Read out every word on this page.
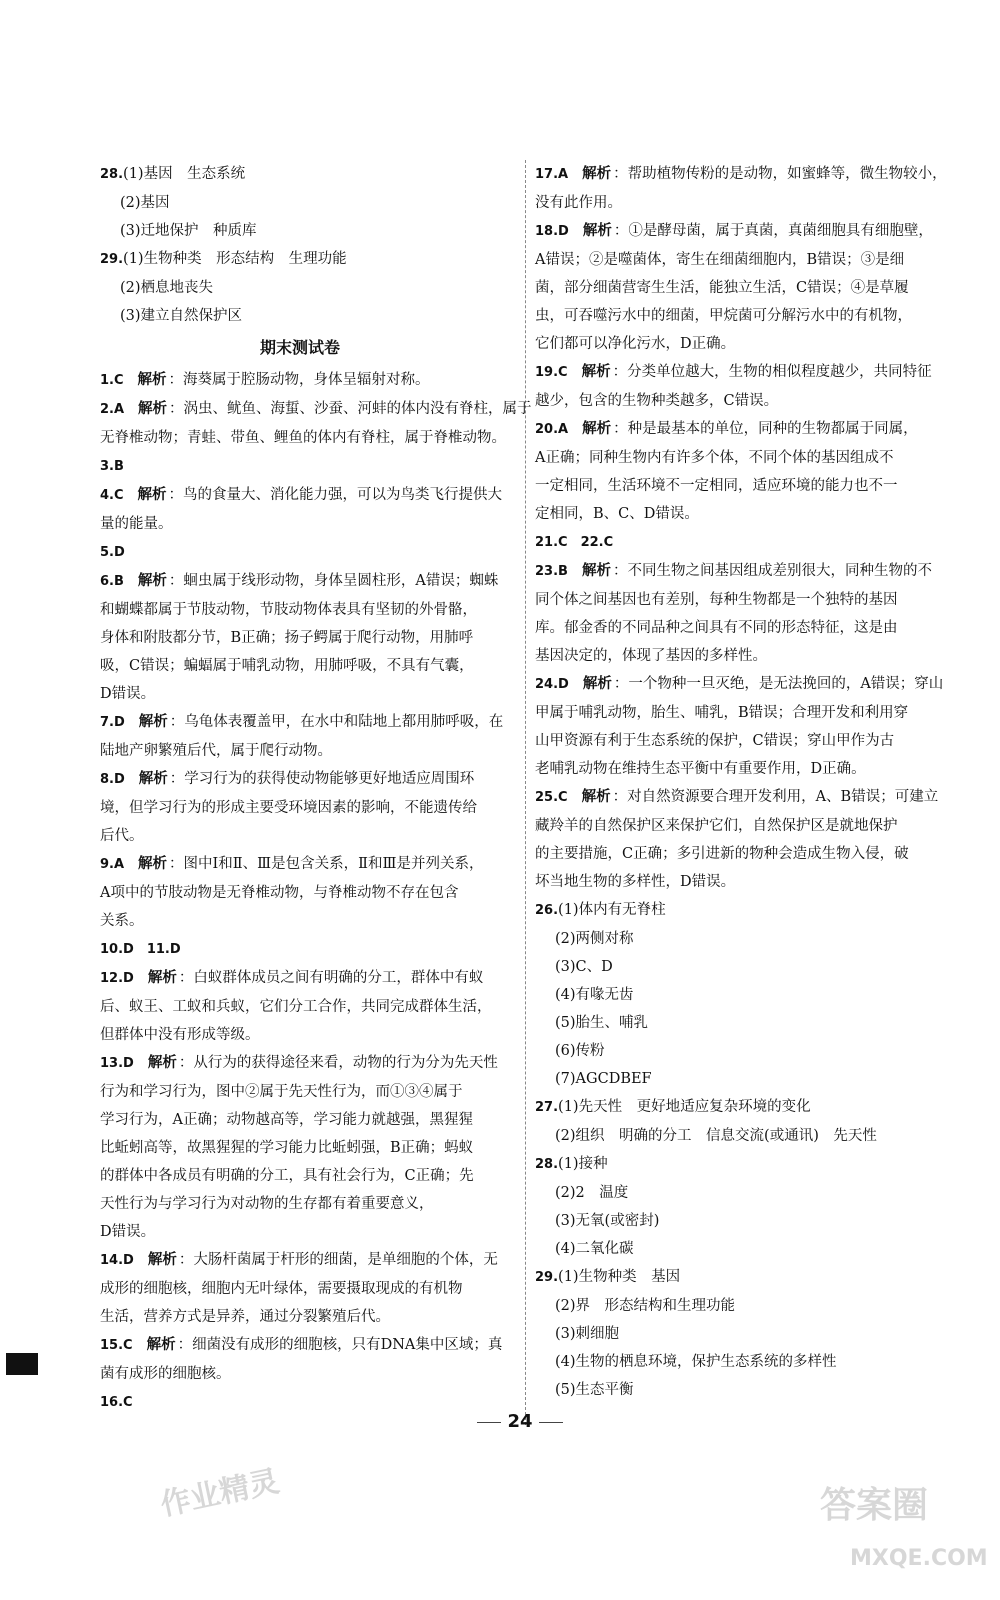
28.(1)基因　生态系统
(2)基因
(3)迁地保护　种质库
29.(1)生物种类　形态结构　生理功能
(2)栖息地丧失
(3)建立自然保护区
期末测试卷
1.C 解析 ：海葵属于腔肠动物，身体呈辐射对称。
2.A 解析 ：涡虫、鱿鱼、海蜇、沙蚕、河蚌的体内没有脊柱，属于
无脊椎动物；青蛙、带鱼、鲤鱼的体内有脊柱，属于脊椎动物。
3.B
4.C 解析 ：鸟的食量大、消化能力强，可以为鸟类飞行提供大
量的能量。
5.D
6.B 解析 ：蛔虫属于线形动物，身体呈圆柱形，A错误；蜘蛛
和蝴蝶都属于节肢动物，节肢动物体表具有坚韧的外骨骼，
身体和附肢都分节，B正确；扬子鳄属于爬行动物，用肺呼
吸，C错误；蝙蝠属于哺乳动物，用肺呼吸，不具有气囊，
D错误。
7.D 解析 ：乌龟体表覆盖甲，在水中和陆地上都用肺呼吸，在
陆地产卵繁殖后代，属于爬行动物。
8.D 解析 ：学习行为的获得使动物能够更好地适应周围环
境，但学习行为的形成主要受环境因素的影响，不能遗传给
后代。
9.A 解析 ：图中Ⅰ和Ⅱ、Ⅲ是包含关系，Ⅱ和Ⅲ是并列关系，
A项中的节肢动物是无脊椎动物，与脊椎动物不存在包含
关系。
10.D　11.D
12.D 解析 ：白蚁群体成员之间有明确的分工，群体中有蚁
后、蚁王、工蚁和兵蚁，它们分工合作，共同完成群体生活，
但群体中没有形成等级。
13.D 解析 ：从行为的获得途径来看，动物的行为分为先天性
行为和学习行为，图中②属于先天性行为，而①③④属于
学习行为，A正确；动物越高等，学习能力就越强，黑猩猩
比蚯蚓高等，故黑猩猩的学习能力比蚯蚓强，B正确；蚂蚁
的群体中各成员有明确的分工，具有社会行为，C正确；先
天性行为与学习行为对动物的生存都有着重要意义，
D错误。
14.D 解析 ：大肠杆菌属于杆形的细菌，是单细胞的个体，无
成形的细胞核，细胞内无叶绿体，需要摄取现成的有机物
生活，营养方式是异养，通过分裂繁殖后代。
15.C 解析 ：细菌没有成形的细胞核，只有DNA集中区域；真
菌有成形的细胞核。
16.C
17.A 解析 ：帮助植物传粉的是动物，如蜜蜂等，微生物较小，
没有此作用。
18.D 解析 ：①是酵母菌，属于真菌，真菌细胞具有细胞壁，
A错误；②是噬菌体，寄生在细菌细胞内，B错误；③是细
菌，部分细菌营寄生生活，能独立生活，C错误；④是草履
虫，可吞噬污水中的细菌，甲烷菌可分解污水中的有机物，
它们都可以净化污水，D正确。
19.C 解析 ：分类单位越大，生物的相似程度越少，共同特征
越少，包含的生物种类越多，C错误。
20.A 解析 ：种是最基本的单位，同种的生物都属于同属，
A正确；同种生物内有许多个体，不同个体的基因组成不
一定相同，生活环境不一定相同，适应环境的能力也不一
定相同，B、C、D错误。
21.C　22.C
23.B 解析 ：不同生物之间基因组成差别很大，同种生物的不
同个体之间基因也有差别，每种生物都是一个独特的基因
库。郁金香的不同品种之间具有不同的形态特征，这是由
基因决定的，体现了基因的多样性。
24.D 解析 ：一个物种一旦灭绝，是无法挽回的，A错误；穿山
甲属于哺乳动物，胎生、哺乳，B错误；合理开发和利用穿
山甲资源有利于生态系统的保护，C错误；穿山甲作为古
老哺乳动物在维持生态平衡中有重要作用，D正确。
25.C 解析 ：对自然资源要合理开发利用，A、B错误；可建立
藏羚羊的自然保护区来保护它们，自然保护区是就地保护
的主要措施，C正确；多引进新的物种会造成生物入侵，破
坏当地生物的多样性，D错误。
26.(1)体内有无脊柱
(2)两侧对称
(3)C、D
(4)有喙无齿
(5)胎生、哺乳
(6)传粉
(7)AGCDBEF
27.(1)先天性　更好地适应复杂环境的变化
(2)组织　明确的分工　信息交流(或通讯)　先天性
28.(1)接种
(2)2　温度
(3)无氧(或密封)
(4)二氧化碳
29.(1)生物种类　基因
(2)界　形态结构和生理功能
(3)刺细胞
(4)生物的栖息环境，保护生态系统的多样性
(5)生态平衡
24
作业精灵	答案圈
MXQE.COM
